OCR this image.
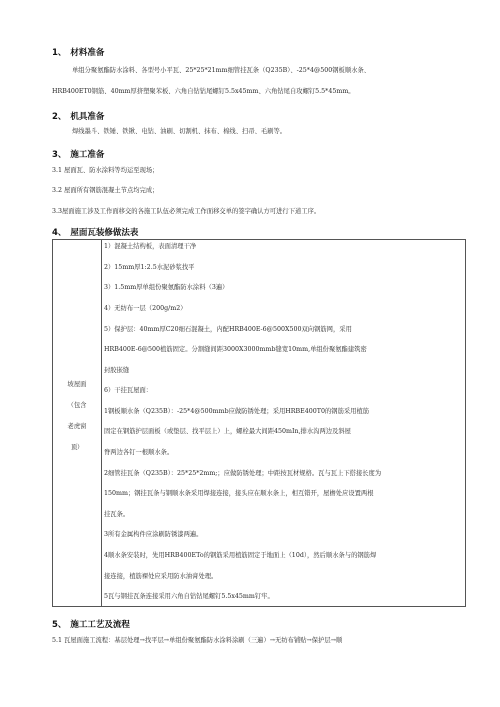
1、 材料准备
单组分聚氨酯防水涂料、各型号小平瓦、25*25*21mm细管挂瓦条（Q235B）、-25*4@500钢板顺水条、
HRB400ET0钢筋、40mm厚挤塑聚苯板、六角自钻钻尾螺钉5.5x45mm、六角钻尾自攻螺钉5.5*45mm。
2、 机具准备
焊线墨斗、铁锤、铁锹、电钻、油刷、切割机、抹布、棉线、扫帚、毛刷等。
3、 施工准备
3.1 屋面瓦、防水涂料等均运至现场；
3.2 屋面所有钢筋混凝土节点均完成；
3.3屋面施工涉及工作面移交的各施工队伍必须完成工作面移交单的签字确认方可进行下道工序。
4、 屋面瓦装修做法表
坡屋面
（包含
老虎窗
顶）

1）混凝土结构板，表面清理干净
2）15mm厚1:2.5水泥砂浆找平
3）1.5mm厚单组份聚氨酯防水涂料（3遍）
4）无纺布一层（200g/m2）
5）保护层：40mm厚C20细石混凝土，内配HRB400E-6@500X500双向钢筋网，采用
HRB400E-6@500植筋固定。分割缝间距3000X3000mmb缝宽10mm,单组份聚氨酯建筑密
封胶嵌缝
6）干挂瓦屋面：
1钢板顺水条（Q235B）：-25*4@500mmb应做防锈处理；采用HRBE400T0的钢筋采用植筋
固定在钢筋护层面板（或垫层、找平层上）上，螺栓最大间距450mIn,排水沟两边及斜屋
脊两边各钉一根顺水条。
2细管挂瓦条（Q235B）：25*25*2mm;；应做防锈处理；中距按瓦材规格。瓦与瓦上下搭接长度为
150mm；钢挂瓦条与钢顺水条采用焊接连接，接头应在顺水条上，相互错开，屋檐处应设置两根
挂瓦条。
3所有金属构件应涂刷防锈漆两遍。
4顺水条安装时，先用HRB400ETo的钢筋采用植筋固定于地面上（10d），然后顺水条与的钢筋焊
接连接，植筋裸处应采用防水油膏处理。
5瓦与钢挂瓦条连接采用六角自钻钻尾螺钉5.5x45mm钉牢。
5、 施工工艺及流程
5.1 瓦屋面施工流程：基层处理→找平层→单组份聚氨酯防水涂料涂刷（三遍）→无纺布铺贴→保护层→顺
